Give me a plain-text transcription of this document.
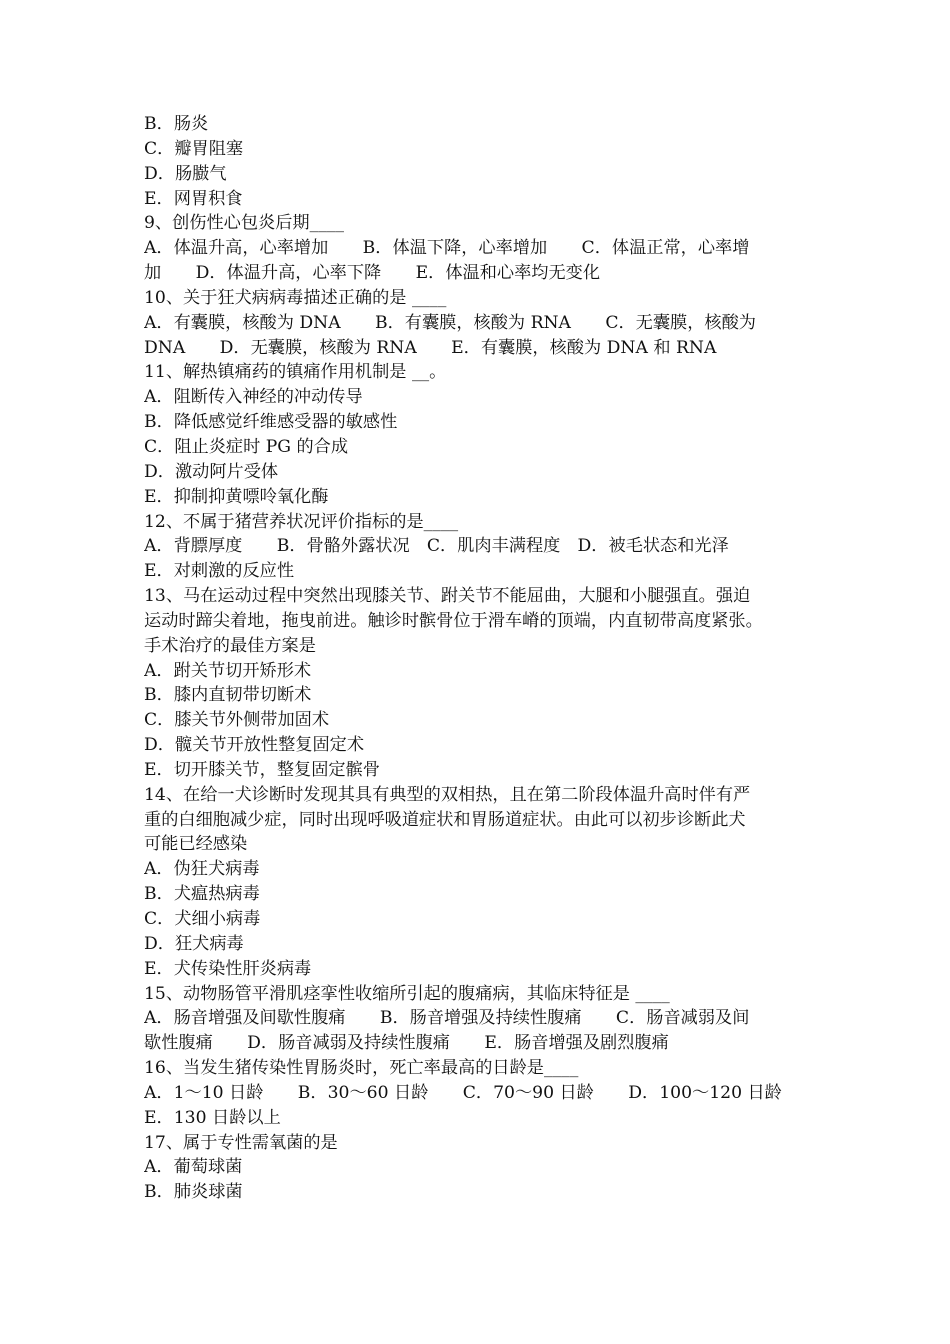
B．肠炎
C．瓣胃阻塞
D．肠臌气
E．网胃积食
9、创伤性心包炎后期____
A．体温升高，心率增加　　B．体温下降，心率增加　　C．体温正常，心率增
加　　D．体温升高，心率下降　　E．体温和心率均无变化
10、关于狂犬病病毒描述正确的是 ____
A．有囊膜，核酸为 DNA　　B．有囊膜，核酸为 RNA　　C．无囊膜，核酸为
DNA　　D．无囊膜，核酸为 RNA　　E．有囊膜，核酸为 DNA 和 RNA
11、解热镇痛药的镇痛作用机制是 __。
A．阻断传入神经的冲动传导
B．降低感觉纤维感受器的敏感性
C．阻止炎症时 PG 的合成
D．激动阿片受体
E．抑制抑黄嘌呤氧化酶
12、不属于猪营养状况评价指标的是____
A．背膘厚度　　B．骨骼外露状况　C．肌肉丰满程度　D．被毛状态和光泽
E．对刺激的反应性
13、马在运动过程中突然出现膝关节、跗关节不能屈曲，大腿和小腿强直。强迫
运动时蹄尖着地，拖曳前进。触诊时髌骨位于滑车嵴的顶端，内直韧带高度紧张。
手术治疗的最佳方案是
A．跗关节切开矫形术
B．膝内直韧带切断术
C．膝关节外侧带加固术
D．髋关节开放性整复固定术
E．切开膝关节，整复固定髌骨
14、在给一犬诊断时发现其具有典型的双相热，且在第二阶段体温升高时伴有严
重的白细胞减少症，同时出现呼吸道症状和胃肠道症状。由此可以初步诊断此犬
可能已经感染
A．伪狂犬病毒
B．犬瘟热病毒
C．犬细小病毒
D．狂犬病毒
E．犬传染性肝炎病毒
15、动物肠管平滑肌痉挛性收缩所引起的腹痛病，其临床特征是 ____
A．肠音增强及间歇性腹痛　　B．肠音增强及持续性腹痛　　C．肠音减弱及间
歇性腹痛　　D．肠音减弱及持续性腹痛　　E．肠音增强及剧烈腹痛
16、当发生猪传染性胃肠炎时，死亡率最高的日龄是____
A．1～10 日龄　　B．30～60 日龄　　C．70～90 日龄　　D．100～120 日龄
E．130 日龄以上
17、属于专性需氧菌的是
A．葡萄球菌
B．肺炎球菌
